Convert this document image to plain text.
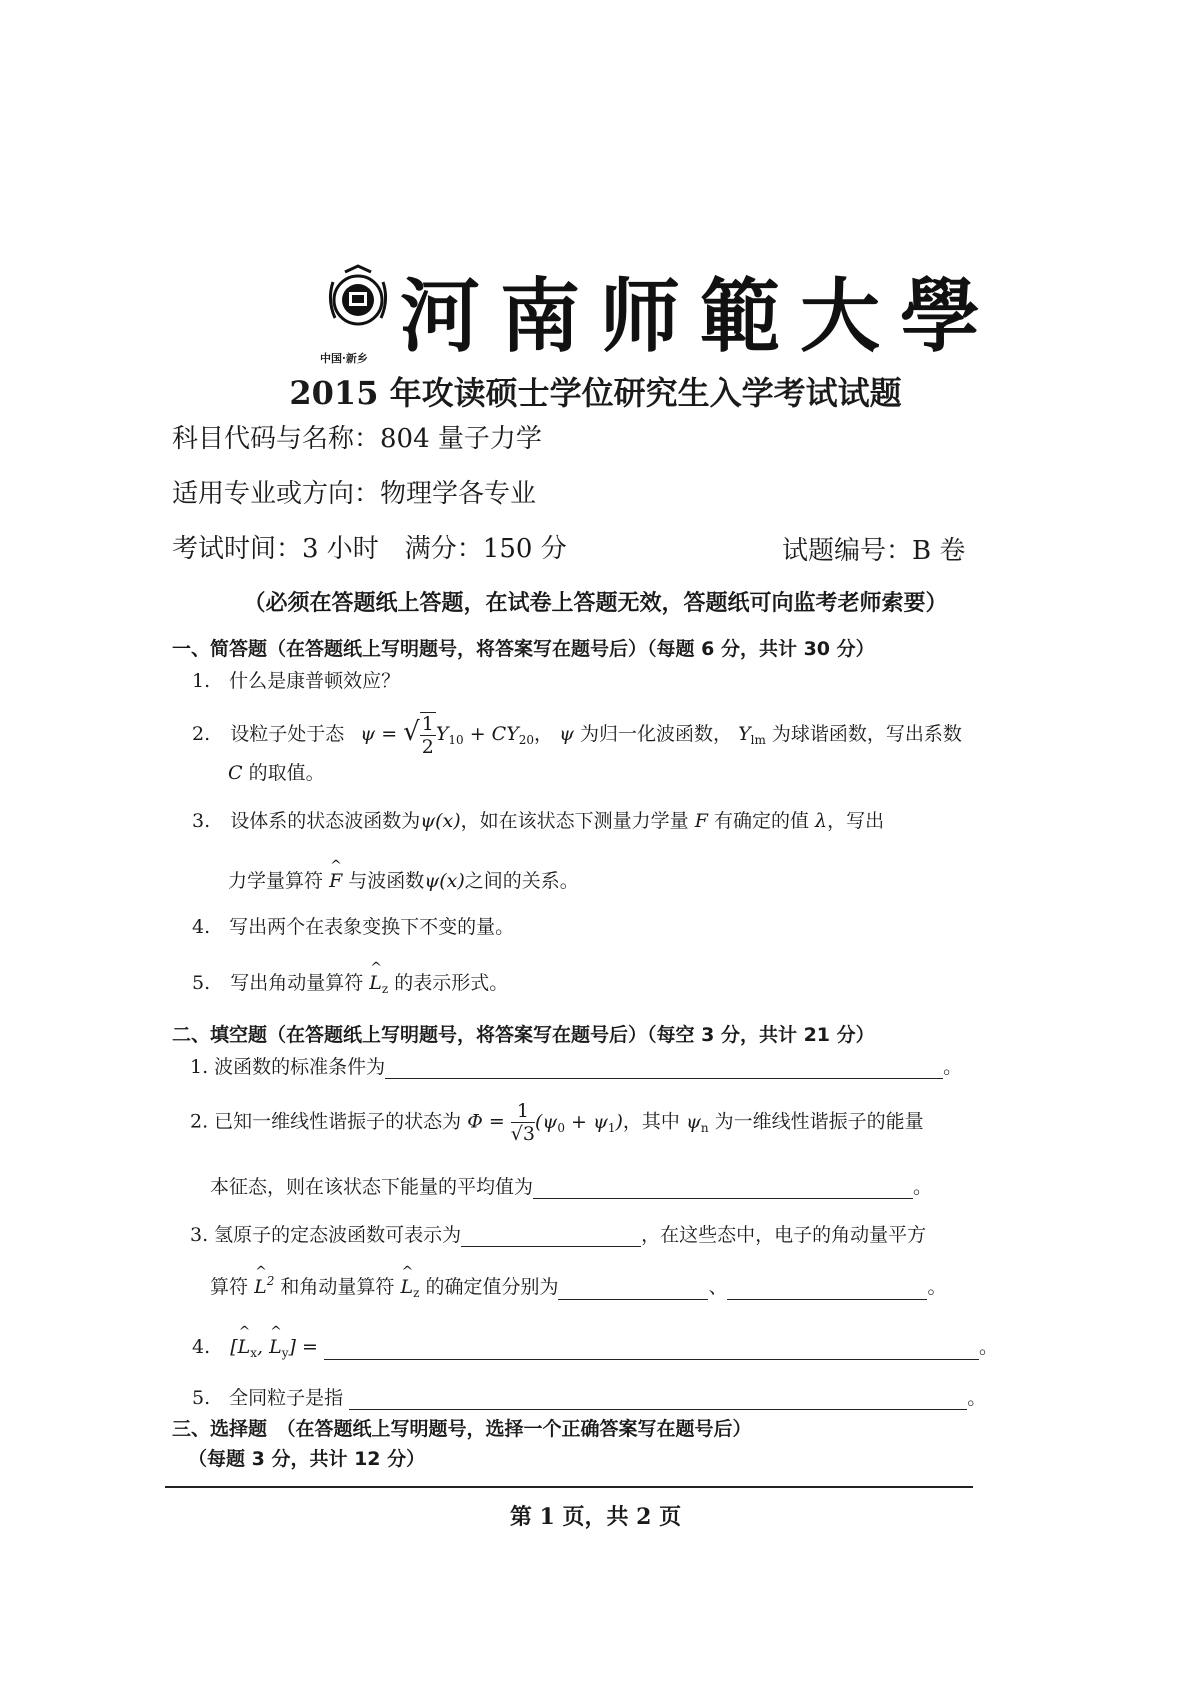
中国·新乡 河南师範大學
2015 年攻读硕士学位研究生入学考试试题
科目代码与名称：804 量子力学
适用专业或方向：物理学各专业
考试时间：3 小时　满分：150 分	试题编号：B 卷
（必须在答题纸上答题，在试卷上答题无效，答题纸可向监考老师索要）
一、简答题（在答题纸上写明题号，将答案写在题号后）（每题 6 分，共计 30 分）
1.　什么是康普顿效应？
2. 设粒子处于态 ψ = √ $\frac{1}{2} Y_{10} + CY_{20}$， ψ 为归一化波函数， $Y_{lm}$ 为球谐函数，写出系数
C 的取值。
3. 设体系的状态波函数为ψ(x)，如在该状态下测量力学量 F 有确定的值 λ，写出
力学量算符 ^ F 与波函数ψ(x)之间的关系。
4.　写出两个在表象变换下不变的量。
5. 写出角动量算符 ^ $L_z$ 的表示形式。
二、填空题（在答题纸上写明题号，将答案写在题号后）（每空 3 分，共计 21 分）
1. 波函数的标准条件为	。
2. 已知一维线性谐振子的状态为 $\Phi = \frac{1}{√3} (\psi_0 + \psi_1)$，其中 $\psi_n$ 为一维线性谐振子的能量
本征态，则在该状态下能量的平均值为	。
3. 氢原子的定态波函数可表示为	，在这些态中，电子的角动量平方
算符 ^ $L^2$ 和角动量算符 ^ $L_z$ 的确定值分别为	、	。
4. [^ $L_x$, ^ $L_y$] =	。
5.　全同粒子是指	。
三、选择题　（在答题纸上写明题号，选择一个正确答案写在题号后）
（每题 3 分，共计 12 分）
第 1 页，共 2 页
